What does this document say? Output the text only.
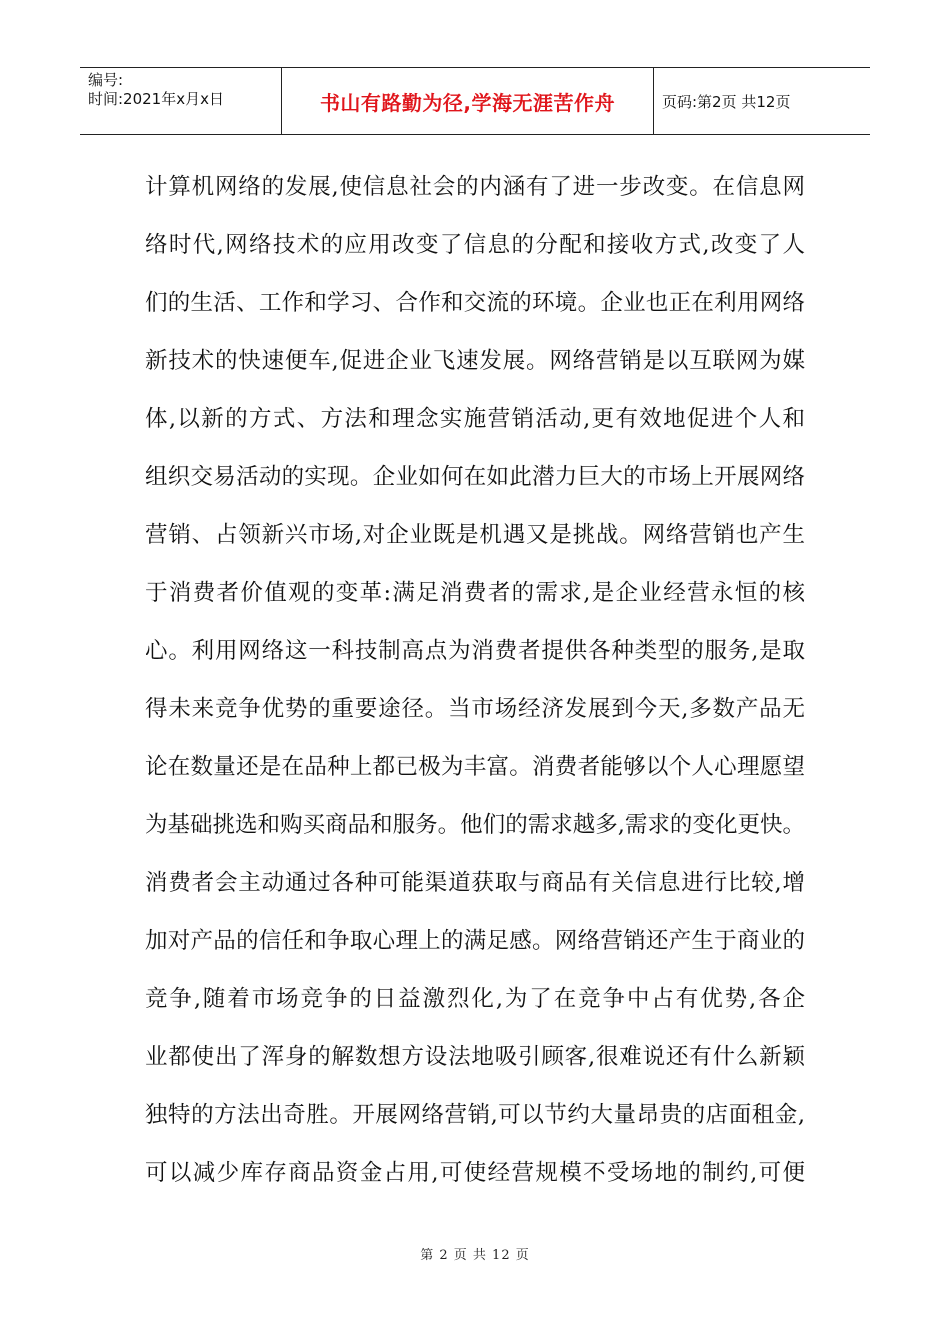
编号:
时间:2021年x月x日	书山有路勤为径,学海无涯苦作舟	页码:第2页 共12页
计算机网络的发展,使信息社会的内涵有了进一步改变。在信息网
络时代,网络技术的应用改变了信息的分配和接收方式,改变了人
们的生活、工作和学习、合作和交流的环境。企业也正在利用网络
新技术的快速便车,促进企业飞速发展。网络营销是以互联网为媒
体,以新的方式、方法和理念实施营销活动,更有效地促进个人和
组织交易活动的实现。企业如何在如此潜力巨大的市场上开展网络
营销、占领新兴市场,对企业既是机遇又是挑战。网络营销也产生
于消费者价值观的变革:满足消费者的需求,是企业经营永恒的核
心。利用网络这一科技制高点为消费者提供各种类型的服务,是取
得未来竞争优势的重要途径。当市场经济发展到今天,多数产品无
论在数量还是在品种上都已极为丰富。消费者能够以个人心理愿望
为基础挑选和购买商品和服务。他们的需求越多,需求的变化更快。
消费者会主动通过各种可能渠道获取与商品有关信息进行比较,增
加对产品的信任和争取心理上的满足感。网络营销还产生于商业的
竞争,随着市场竞争的日益激烈化,为了在竞争中占有优势,各企
业都使出了浑身的解数想方设法地吸引顾客,很难说还有什么新颖
独特的方法出奇胜。开展网络营销,可以节约大量昂贵的店面租金,
可以减少库存商品资金占用,可使经营规模不受场地的制约,可便
第 2 页 共 12 页
